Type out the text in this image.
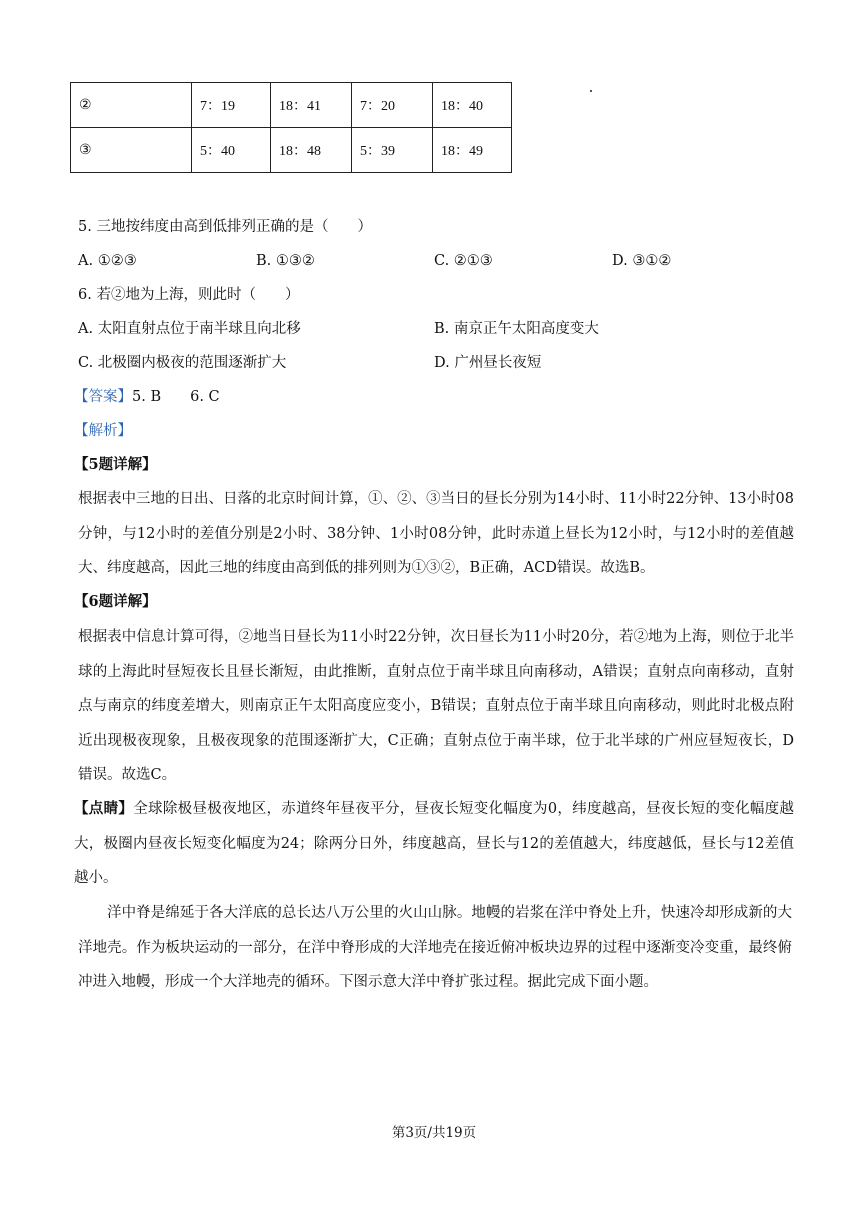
②	7：19	18：41	7：20	18：40
③	5：40	18：48	5：39	18：49
5. 三地按纬度由高到低排列正确的是（　　）
A. ①②③	B. ①③②	C. ②①③	D. ③①②
6. 若②地为上海，则此时（　　）
A. 太阳直射点位于南半球且向北移	B. 南京正午太阳高度变大
C. 北极圈内极夜的范围逐渐扩大	D. 广州昼长夜短
【答案】5. B　　6. C
【解析】
【5题详解】
根据表中三地的日出、日落的北京时间计算，①、②、③当日的昼长分别为14小时、11小时22分钟、13小时08分钟，与12小时的差值分别是2小时、38分钟、1小时08分钟，此时赤道上昼长为12小时，与12小时的差值越大、纬度越高，因此三地的纬度由高到低的排列则为①③②，B正确，ACD错误。故选B。
【6题详解】
根据表中信息计算可得，②地当日昼长为11小时22分钟，次日昼长为11小时20分，若②地为上海，则位于北半球的上海此时昼短夜长且昼长渐短，由此推断，直射点位于南半球且向南移动，A错误；直射点向南移动，直射点与南京的纬度差增大，则南京正午太阳高度应变小，B错误；直射点位于南半球且向南移动，则此时北极点附近出现极夜现象，且极夜现象的范围逐渐扩大，C正确；直射点位于南半球，位于北半球的广州应昼短夜长，D错误。故选C。
【点睛】全球除极昼极夜地区，赤道终年昼夜平分，昼夜长短变化幅度为0，纬度越高，昼夜长短的变化幅度越大，极圈内昼夜长短变化幅度为24；除两分日外，纬度越高，昼长与12的差值越大，纬度越低，昼长与12差值越小。
洋中脊是绵延于各大洋底的总长达八万公里的火山山脉。地幔的岩浆在洋中脊处上升，快速冷却形成新的大洋地壳。作为板块运动的一部分，在洋中脊形成的大洋地壳在接近俯冲板块边界的过程中逐渐变冷变重，最终俯冲进入地幔，形成一个大洋地壳的循环。下图示意大洋中脊扩张过程。据此完成下面小题。
第3页/共19页
